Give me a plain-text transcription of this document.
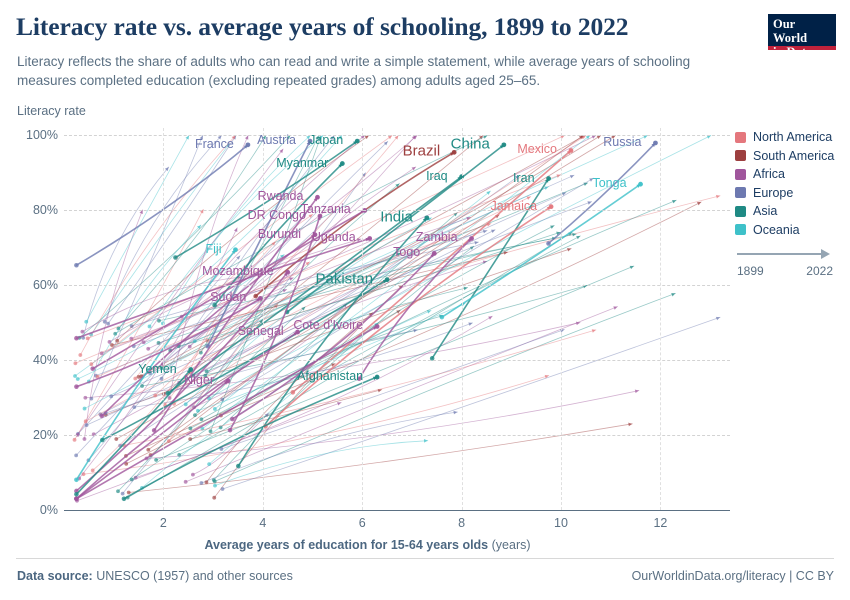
Literacy rate vs. average years of schooling, 1899 to 2022
Literacy reflects the share of adults who can read and write a simple statement, while average years of schooling measures completed education (excluding repeated grades) among adults aged 25–65.
Our World
in Data
Literacy rate
0%
20%
40%
60%
80%
100%
2	4	6	8	10	12
France Austria Japan
Brazil China Mexico
Russia
Myanmar
Iraq	Iran	Tonga
Rwanda
Tanzania
DR Congo	India
Jamaica
Burundi Uganda	Zambia
Fiji	Togo
Mozambique	Pakistan
Sudan
Senegal Cote d'Ivoire
Yemen
Niger	Afghanistan
Average years of education for 15-64 years olds (years)
North America
South America
Africa
Europe
Asia
Oceania
1899	2022
Data source: UNESCO (1957) and other sources	OurWorldinData.org/literacy | CC BY
